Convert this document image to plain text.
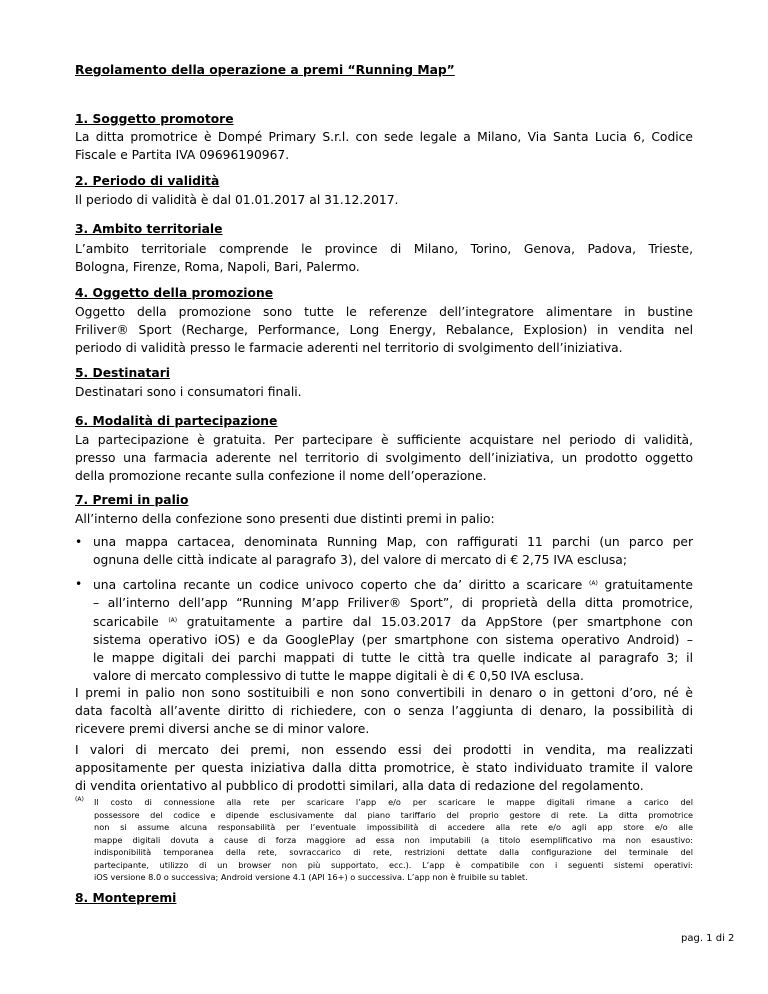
Regolamento della operazione a premi “Running Map”
1. Soggetto promotore
La ditta promotrice è Dompé Primary S.r.l. con sede legale a Milano, Via Santa Lucia 6, Codice
Fiscale e Partita IVA 09696190967.
2. Periodo di validità
Il periodo di validità è dal 01.01.2017 al 31.12.2017.
3. Ambito territoriale
L’ambito territoriale comprende le province di Milano, Torino, Genova, Padova, Trieste,
Bologna, Firenze, Roma, Napoli, Bari, Palermo.
4. Oggetto della promozione
Oggetto della promozione sono tutte le referenze dell’integratore alimentare in bustine
Friliver® Sport (Recharge, Performance, Long Energy, Rebalance, Explosion) in vendita nel
periodo di validità presso le farmacie aderenti nel territorio di svolgimento dell’iniziativa.
5. Destinatari
Destinatari sono i consumatori finali.
6. Modalità di partecipazione
La partecipazione è gratuita. Per partecipare è sufficiente acquistare nel periodo di validità,
presso una farmacia aderente nel territorio di svolgimento dell’iniziativa, un prodotto oggetto
della promozione recante sulla confezione il nome dell’operazione.
7. Premi in palio
All’interno della confezione sono presenti due distinti premi in palio:
• una mappa cartacea, denominata Running Map, con raffigurati 11 parchi (un parco per
ognuna delle città indicate al paragrafo 3), del valore di mercato di € 2,75 IVA esclusa;
• una cartolina recante un codice univoco coperto che da’ diritto a scaricare $^{(A)}$ gratuitamente
– all’interno dell’app “Running M’app Friliver® Sport”, di proprietà della ditta promotrice,
scaricabile $^{(A)}$ gratuitamente a partire dal 15.03.2017 da AppStore (per smartphone con
sistema operativo iOS) e da GooglePlay (per smartphone con sistema operativo Android) –
le mappe digitali dei parchi mappati di tutte le città tra quelle indicate al paragrafo 3; il
valore di mercato complessivo di tutte le mappe digitali è di € 0,50 IVA esclusa.
I premi in palio non sono sostituibili e non sono convertibili in denaro o in gettoni d’oro, né è
data facoltà all’avente diritto di richiedere, con o senza l’aggiunta di denaro, la possibilità di
ricevere premi diversi anche se di minor valore.
I valori di mercato dei premi, non essendo essi dei prodotti in vendita, ma realizzati
appositamente per questa iniziativa dalla ditta promotrice, è stato individuato tramite il valore
di vendita orientativo al pubblico di prodotti similari, alla data di redazione del regolamento.
(A) Il costo di connessione alla rete per scaricare l’app e/o per scaricare le mappe digitali rimane a carico del
possessore del codice e dipende esclusivamente dal piano tariffario del proprio gestore di rete. La ditta promotrice
non si assume alcuna responsabilità per l’eventuale impossibilità di accedere alla rete e/o agli app store e/o alle
mappe digitali dovuta a cause di forza maggiore ad essa non imputabili (a titolo esemplificativo ma non esaustivo:
indisponibilità temporanea della rete, sovraccarico di rete, restrizioni dettate dalla configurazione del terminale del
partecipante, utilizzo di un browser non più supportato, ecc.). L’app è compatibile con i seguenti sistemi operativi:
iOS versione 8.0 o successiva; Android versione 4.1 (API 16+) o successiva. L’app non è fruibile su tablet.
8. Montepremi
pag. 1 di 2
